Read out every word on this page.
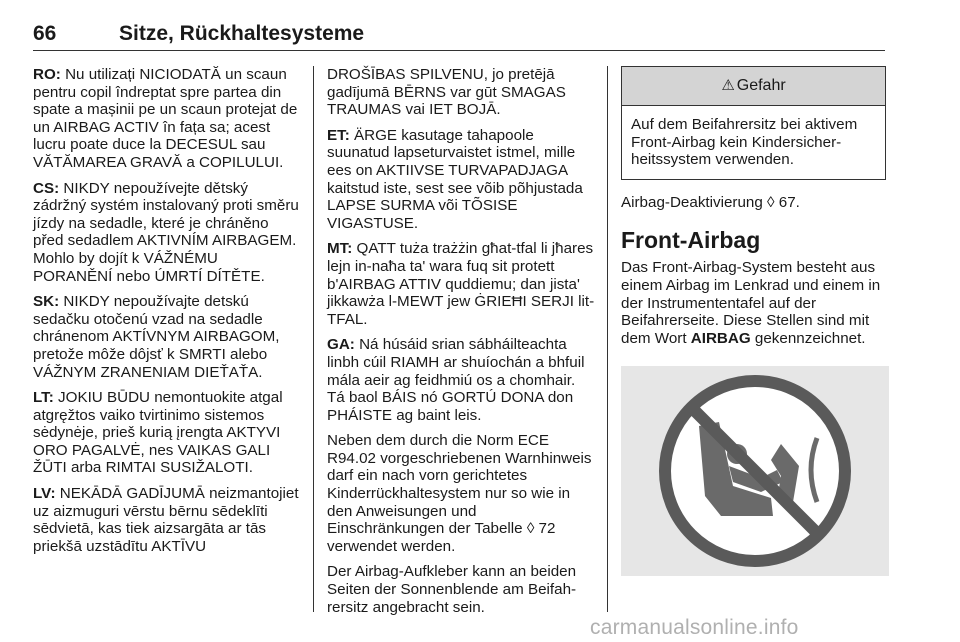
66	Sitze, Rückhaltesysteme

RO: Nu utilizați NICIODATĂ un scaun pentru copil îndreptat spre partea din spate a mașinii pe un scaun protejat de un AIRBAG ACTIV în fața sa; acest lucru poate duce la DECESUL sau VĂTĂMAREA GRAVĂ a COPILULUI.

CS: NIKDY nepoužívejte dětský zádržný systém instalovaný proti směru jízdy na sedadle, které je chráněno před sedadlem AKTIVNÍM AIRBAGEM. Mohlo by dojít k VÁŽNÉMU PORANĚNÍ nebo ÚMRTÍ DÍTĚTE.

SK: NIKDY nepoužívajte detskú sedačku otočenú vzad na sedadle chránenom AKTÍVNYM AIRBAGOM, pretože môže dôjsť k SMRTI alebo VÁŽNYM ZRANENIAM DIEŤAŤA.

LT: JOKIU BŪDU nemontuokite atgal atgręžtos vaiko tvirtinimo sistemos sėdynėje, prieš kurią įrengta AKTYVI ORO PAGALVĖ, nes VAIKAS GALI ŽŪTI arba RIMTAI SUSIŽALOTI.

LV: NEKĀDĀ GADĪJUMĀ neizmantojiet uz aizmuguri vērstu bērnu sēdeklīti sēdvietā, kas tiek aizsargāta ar tās priekšā uzstādītu AKTĪVU

DROŠĪBAS SPILVENU, jo pretējā gadījumā BĒRNS var gūt SMAGAS TRAUMAS vai IET BOJĀ.

ET: ÄRGE kasutage tahapoole suunatud lapseturvaistet istmel, mille ees on AKTIIVSE TURVAPADJAGA kaitstud iste, sest see võib põhjustada LAPSE SURMA või TÕSISE VIGASTUSE.

MT: QATT tuża trażżin għat-tfal li jħares lejn in-naħa ta' wara fuq sit protett b'AIRBAG ATTIV quddiemu; dan jista' jikkawża l-MEWT jew ĠRIEĦI SERJI lit-TFAL.

GA: Ná húsáid srian sábháilteachta linbh cúil RIAMH ar shuíochán a bhfuil mála aeir ag feidhmiú os a chomhair. Tá baol BÁIS nó GORTÚ DONA don PHÁISTE ag baint leis.

Neben dem durch die Norm ECE R94.02 vorgeschriebenen Warnhinweis darf ein nach vorn gerichtetes Kinderrückhaltesystem nur so wie in den Anweisungen und Einschränkungen der Tabelle ◊ 72 verwendet werden.

Der Airbag-Aufkleber kann an beiden Seiten der Sonnenblende am Beifahrersitz angebracht sein.

⚠ Gefahr
Auf dem Beifahrersitz bei aktivem Front-Airbag kein Kindersicherheitssystem verwenden.
Airbag-Deaktivierung ◊ 67.
Front-Airbag
Das Front-Airbag-System besteht aus einem Airbag im Lenkrad und einem in der Instrumententafel auf der Beifahrerseite. Diese Stellen sind mit dem Wort AIRBAG gekennzeichnet.
carmanualsonline.info
